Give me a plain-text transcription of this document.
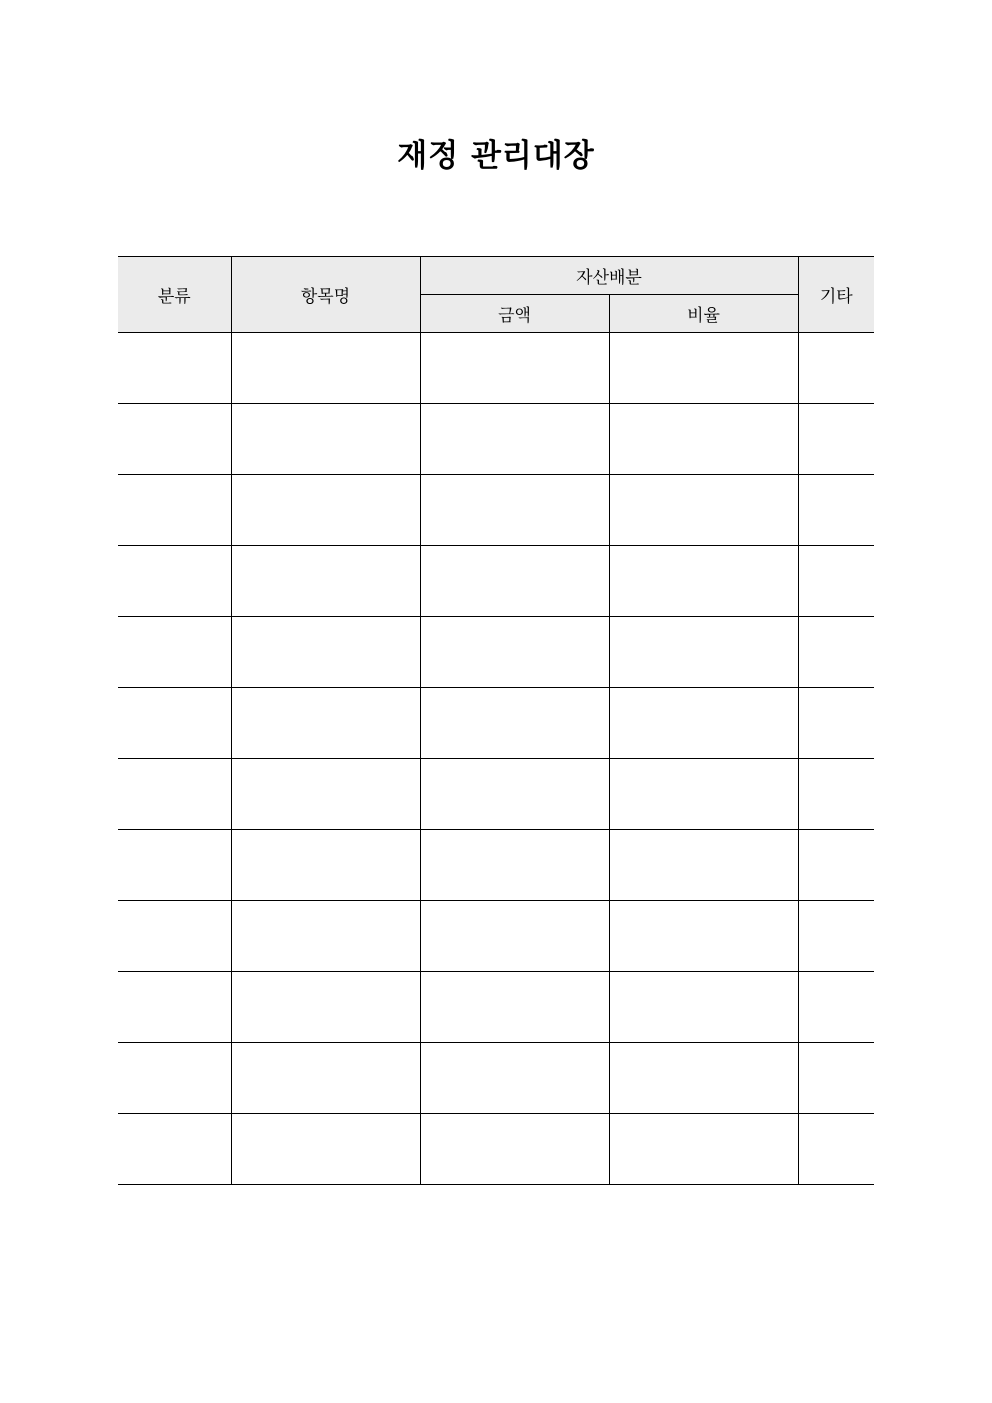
재정 관리대장
분류	항목명	자산배분		기타
		금액	비율	
